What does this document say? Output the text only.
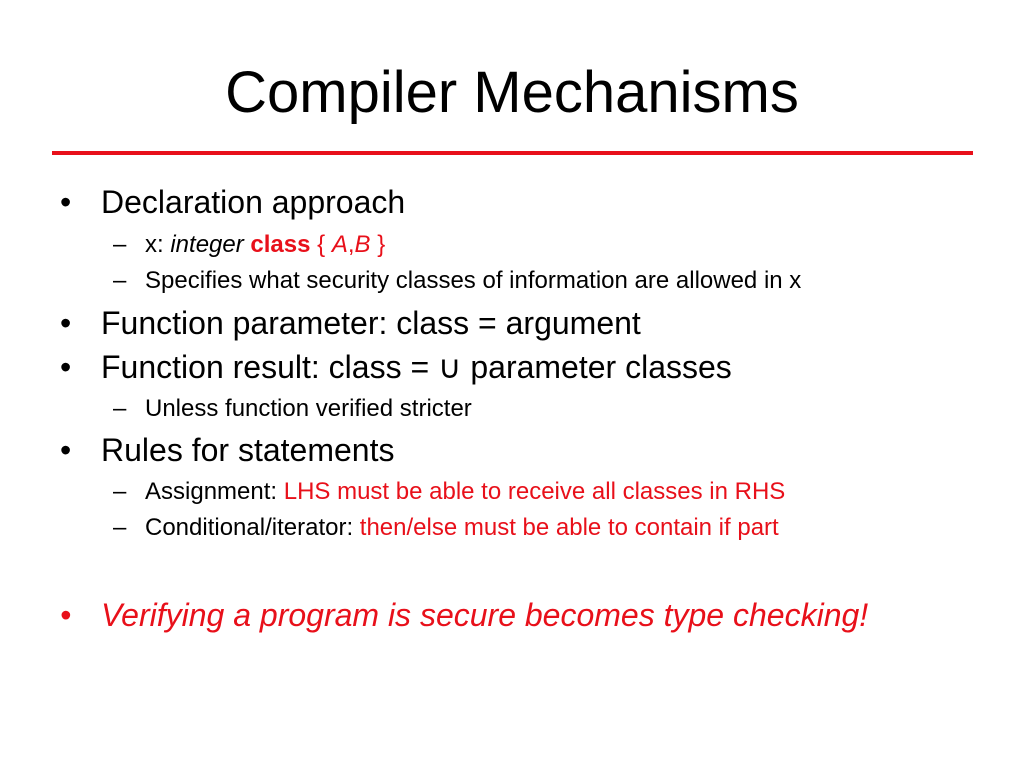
Compiler Mechanisms
• Declaration approach
– x: integer class { A,B }
– Specifies what security classes of information are allowed in x
• Function parameter: class = argument
• Function result: class = ∪ parameter classes
– Unless function verified stricter
• Rules for statements
– Assignment: LHS must be able to receive all classes in RHS
– Conditional/iterator: then/else must be able to contain if part
• Verifying a program is secure becomes type checking!
